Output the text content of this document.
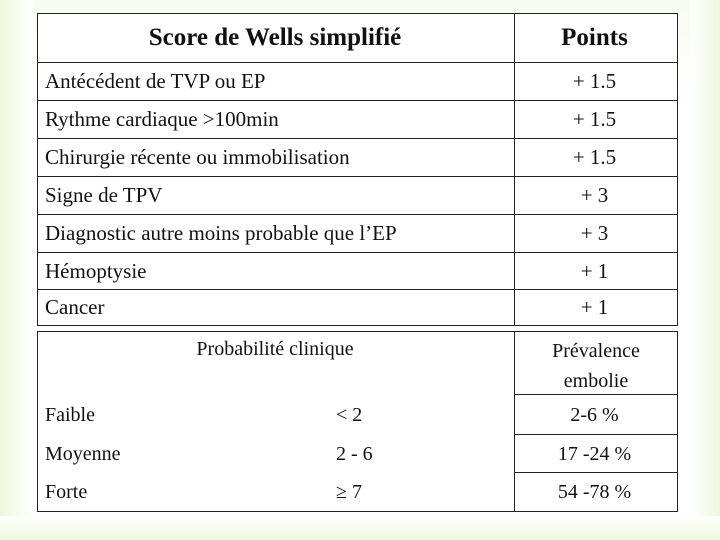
Score de Wells simplifié	Points
Antécédent de TVP ou EP	+ 1.5
Rythme cardiaque >100min	+ 1.5
Chirurgie récente ou immobilisation	+ 1.5
Signe de TPV	+ 3
Diagnostic autre moins probable que l’EP	+ 3
Hémoptysie	+ 1
Cancer	+ 1
Probabilité clinique	Prévalence
embolie
Faible	< 2	2-6 %
Moyenne	2 - 6	17 -24 %
Forte	≥ 7	54 -78 %
